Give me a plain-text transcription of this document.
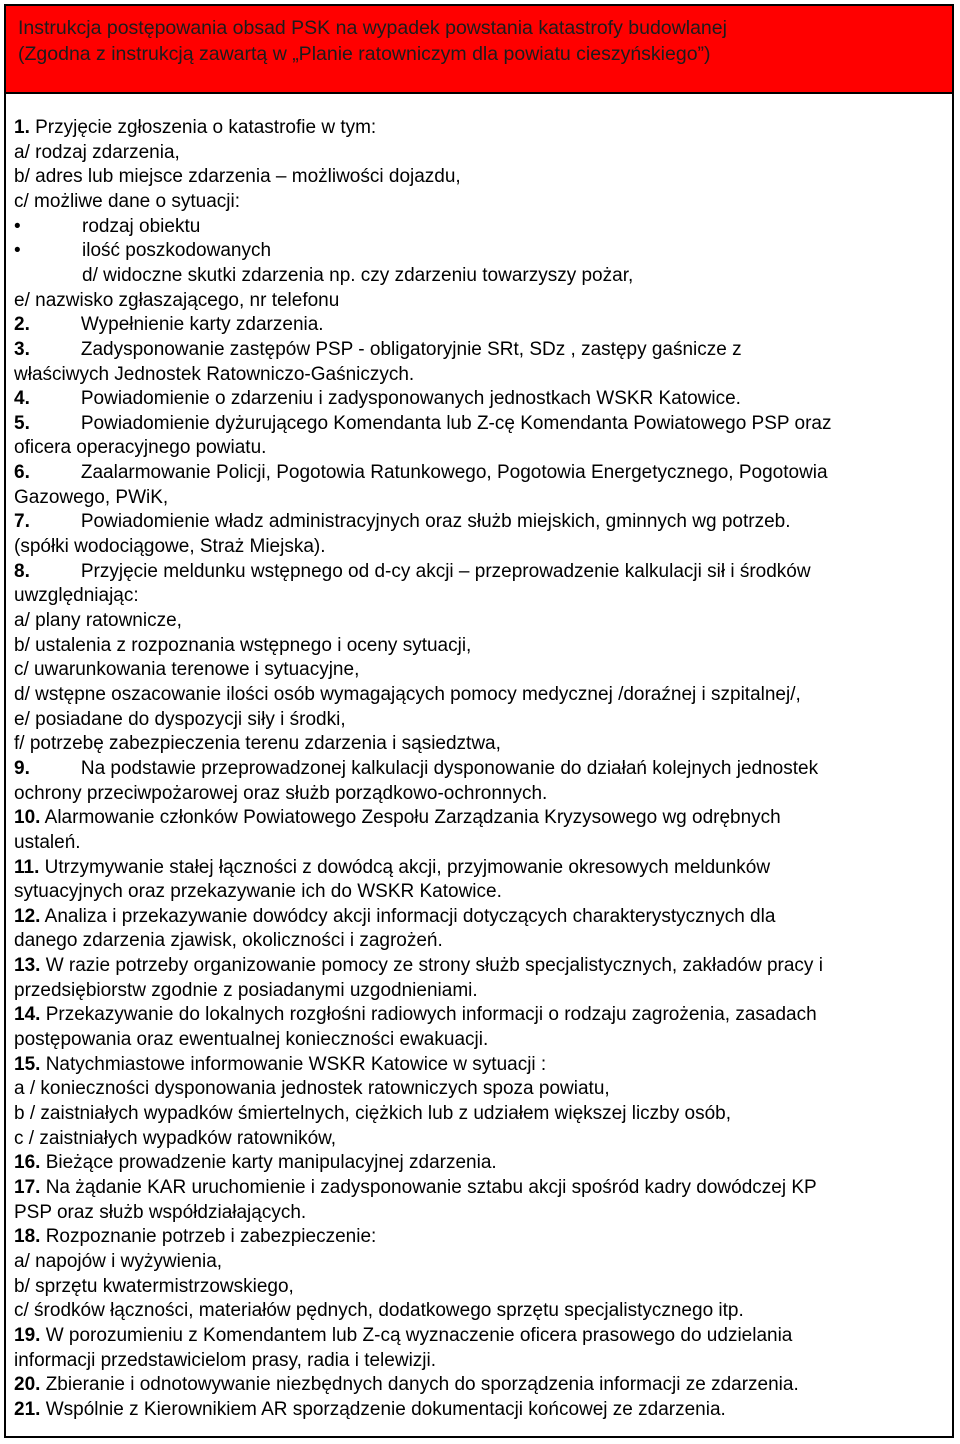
Instrukcja postępowania obsad PSK na wypadek powstania katastrofy budowlanej
(Zgodna z instrukcją zawartą w „Planie ratowniczym dla powiatu cieszyńskiego”)
1. Przyjęcie zgłoszenia o katastrofie w tym:
a/ rodzaj zdarzenia,
b/ adres lub miejsce zdarzenia – możliwości dojazdu,
c/ możliwe dane o sytuacji:
•	rodzaj obiektu
•	ilość poszkodowanych
d/ widoczne skutki zdarzenia np. czy zdarzeniu towarzyszy pożar,
e/ nazwisko zgłaszającego, nr telefonu
2.	Wypełnienie karty zdarzenia.
3.	Zadysponowanie zastępów PSP - obligatoryjnie SRt, SDz , zastępy gaśnicze z
właściwych Jednostek Ratowniczo-Gaśniczych.
4.	Powiadomienie o zdarzeniu i zadysponowanych jednostkach WSKR Katowice.
5.	Powiadomienie dyżurującego Komendanta lub Z-cę Komendanta Powiatowego PSP oraz
oficera operacyjnego powiatu.
6.	Zaalarmowanie Policji, Pogotowia Ratunkowego, Pogotowia Energetycznego, Pogotowia
Gazowego, PWiK,
7.	Powiadomienie władz administracyjnych oraz służb miejskich, gminnych wg potrzeb.
(spółki wodociągowe, Straż Miejska).
8.	Przyjęcie meldunku wstępnego od d-cy akcji – przeprowadzenie kalkulacji sił i środków
uwzględniając:
a/ plany ratownicze,
b/ ustalenia z rozpoznania wstępnego i oceny sytuacji,
c/ uwarunkowania terenowe i sytuacyjne,
d/ wstępne oszacowanie ilości osób wymagających pomocy medycznej /doraźnej i szpitalnej/,
e/ posiadane do dyspozycji siły i środki,
f/ potrzebę zabezpieczenia terenu zdarzenia i sąsiedztwa,
9.	Na podstawie przeprowadzonej kalkulacji dysponowanie do działań kolejnych jednostek
ochrony przeciwpożarowej oraz służb porządkowo-ochronnych.
10. Alarmowanie członków Powiatowego Zespołu Zarządzania Kryzysowego wg odrębnych
ustaleń.
11. Utrzymywanie stałej łączności z dowódcą akcji, przyjmowanie okresowych meldunków
sytuacyjnych oraz przekazywanie ich do WSKR Katowice.
12. Analiza i przekazywanie dowódcy akcji informacji dotyczących charakterystycznych dla
danego zdarzenia zjawisk, okoliczności i zagrożeń.
13. W razie potrzeby organizowanie pomocy ze strony służb specjalistycznych, zakładów pracy i
przedsiębiorstw zgodnie z posiadanymi uzgodnieniami.
14. Przekazywanie do lokalnych rozgłośni radiowych informacji o rodzaju zagrożenia, zasadach
postępowania oraz ewentualnej konieczności ewakuacji.
15. Natychmiastowe informowanie WSKR Katowice w sytuacji :
a / konieczności dysponowania jednostek ratowniczych spoza powiatu,
b / zaistniałych wypadków śmiertelnych, ciężkich lub z udziałem większej liczby osób,
c / zaistniałych wypadków ratowników,
16. Bieżące prowadzenie karty manipulacyjnej zdarzenia.
17. Na żądanie KAR uruchomienie i zadysponowanie sztabu akcji spośród kadry dowódczej KP
PSP oraz służb współdziałających.
18. Rozpoznanie potrzeb i zabezpieczenie:
a/ napojów i wyżywienia,
b/ sprzętu kwatermistrzowskiego,
c/ środków łączności, materiałów pędnych, dodatkowego sprzętu specjalistycznego itp.
19. W porozumieniu z Komendantem lub Z-cą wyznaczenie oficera prasowego do udzielania
informacji przedstawicielom prasy, radia i telewizji.
20. Zbieranie i odnotowywanie niezbędnych danych do sporządzenia informacji ze zdarzenia.
21. Wspólnie z Kierownikiem AR sporządzenie dokumentacji końcowej ze zdarzenia.
